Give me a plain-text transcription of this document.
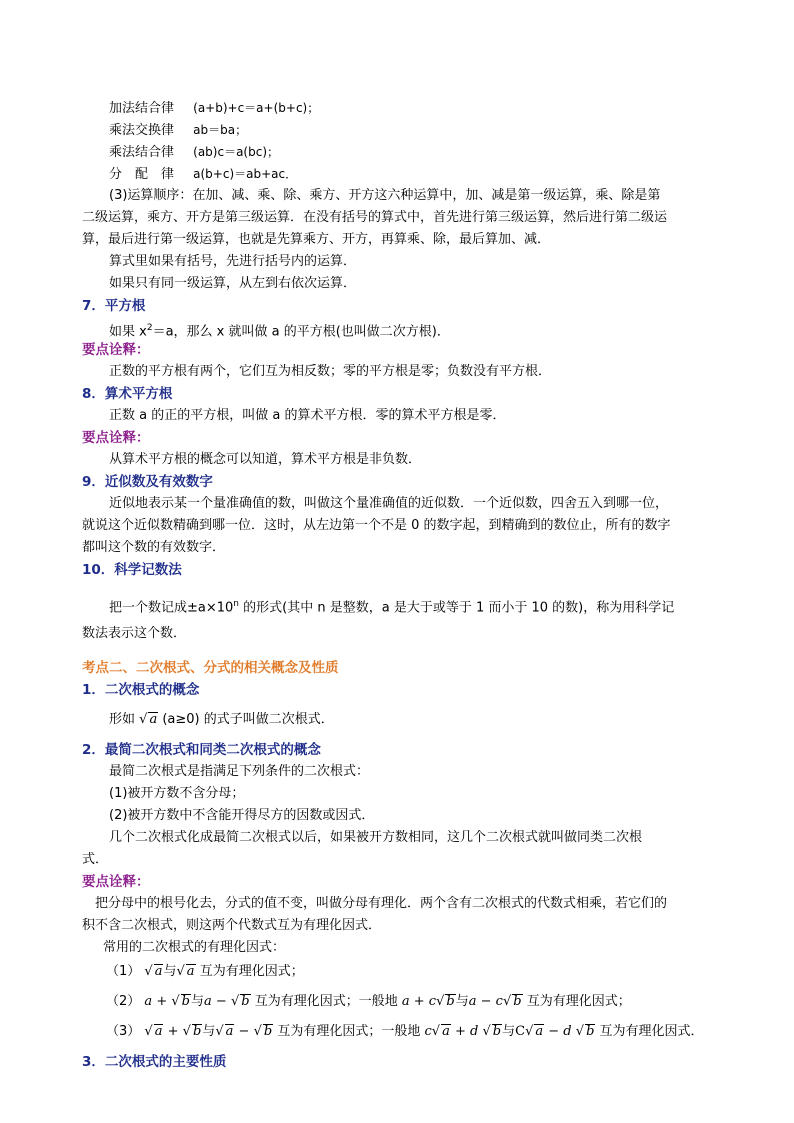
加法结合律 (a+b)+c＝a+(b+c)；
乘法交换律 ab＝ba；
乘法结合律 (ab)c＝a(bc)；
分　配　律 a(b+c)＝ab+ac．
(3)运算顺序：在加、减、乘、除、乘方、开方这六种运算中，加、减是第一级运算，乘、除是第
二级运算，乘方、开方是第三级运算．在没有括号的算式中，首先进行第三级运算，然后进行第二级运
算，最后进行第一级运算，也就是先算乘方、开方，再算乘、除，最后算加、减．
算式里如果有括号，先进行括号内的运算．
如果只有同一级运算，从左到右依次运算．
7．平方根
如果 $x^2=a$，那么 x 就叫做 a 的平方根(也叫做二次方根)．
要点诠释：
正数的平方根有两个，它们互为相反数；零的平方根是零；负数没有平方根．
8．算术平方根
正数 a 的正的平方根，叫做 a 的算术平方根．零的算术平方根是零．
要点诠释：
从算术平方根的概念可以知道，算术平方根是非负数．
9．近似数及有效数字
近似地表示某一个量准确值的数，叫做这个量准确值的近似数．一个近似数，四舍五入到哪一位，
就说这个近似数精确到哪一位．这时，从左边第一个不是 0 的数字起，到精确到的数位止，所有的数字
都叫这个数的有效数字．
10．科学记数法
把一个数记成$\pm a\times 10^n$ 的形式(其中 n 是整数，a 是大于或等于 1 而小于 10 的数)，称为用科学记
数法表示这个数．
考点二、二次根式、分式的相关概念及性质
1．二次根式的概念
形如 √ a (a≥0) 的式子叫做二次根式．
2．最简二次根式和同类二次根式的概念
最简二次根式是指满足下列条件的二次根式：
(1)被开方数不含分母；
(2)被开方数中不含能开得尽方的因数或因式．
几个二次根式化成最简二次根式以后，如果被开方数相同，这几个二次根式就叫做同类二次根
式．
要点诠释：
把分母中的根号化去，分式的值不变，叫做分母有理化．两个含有二次根式的代数式相乘，若它们的
积不含二次根式，则这两个代数式互为有理化因式．
常用的二次根式的有理化因式：
（1） √ a与√ a 互为有理化因式；
（2） a + √ b与a − √ b 互为有理化因式；一般地 a + c√ b与a − c√ b 互为有理化因式；
（3） √ a + √ b与√ a − √ b 互为有理化因式；一般地 c√ a + d √ b与C√ a − d √ b 互为有理化因式．
3．二次根式的主要性质
